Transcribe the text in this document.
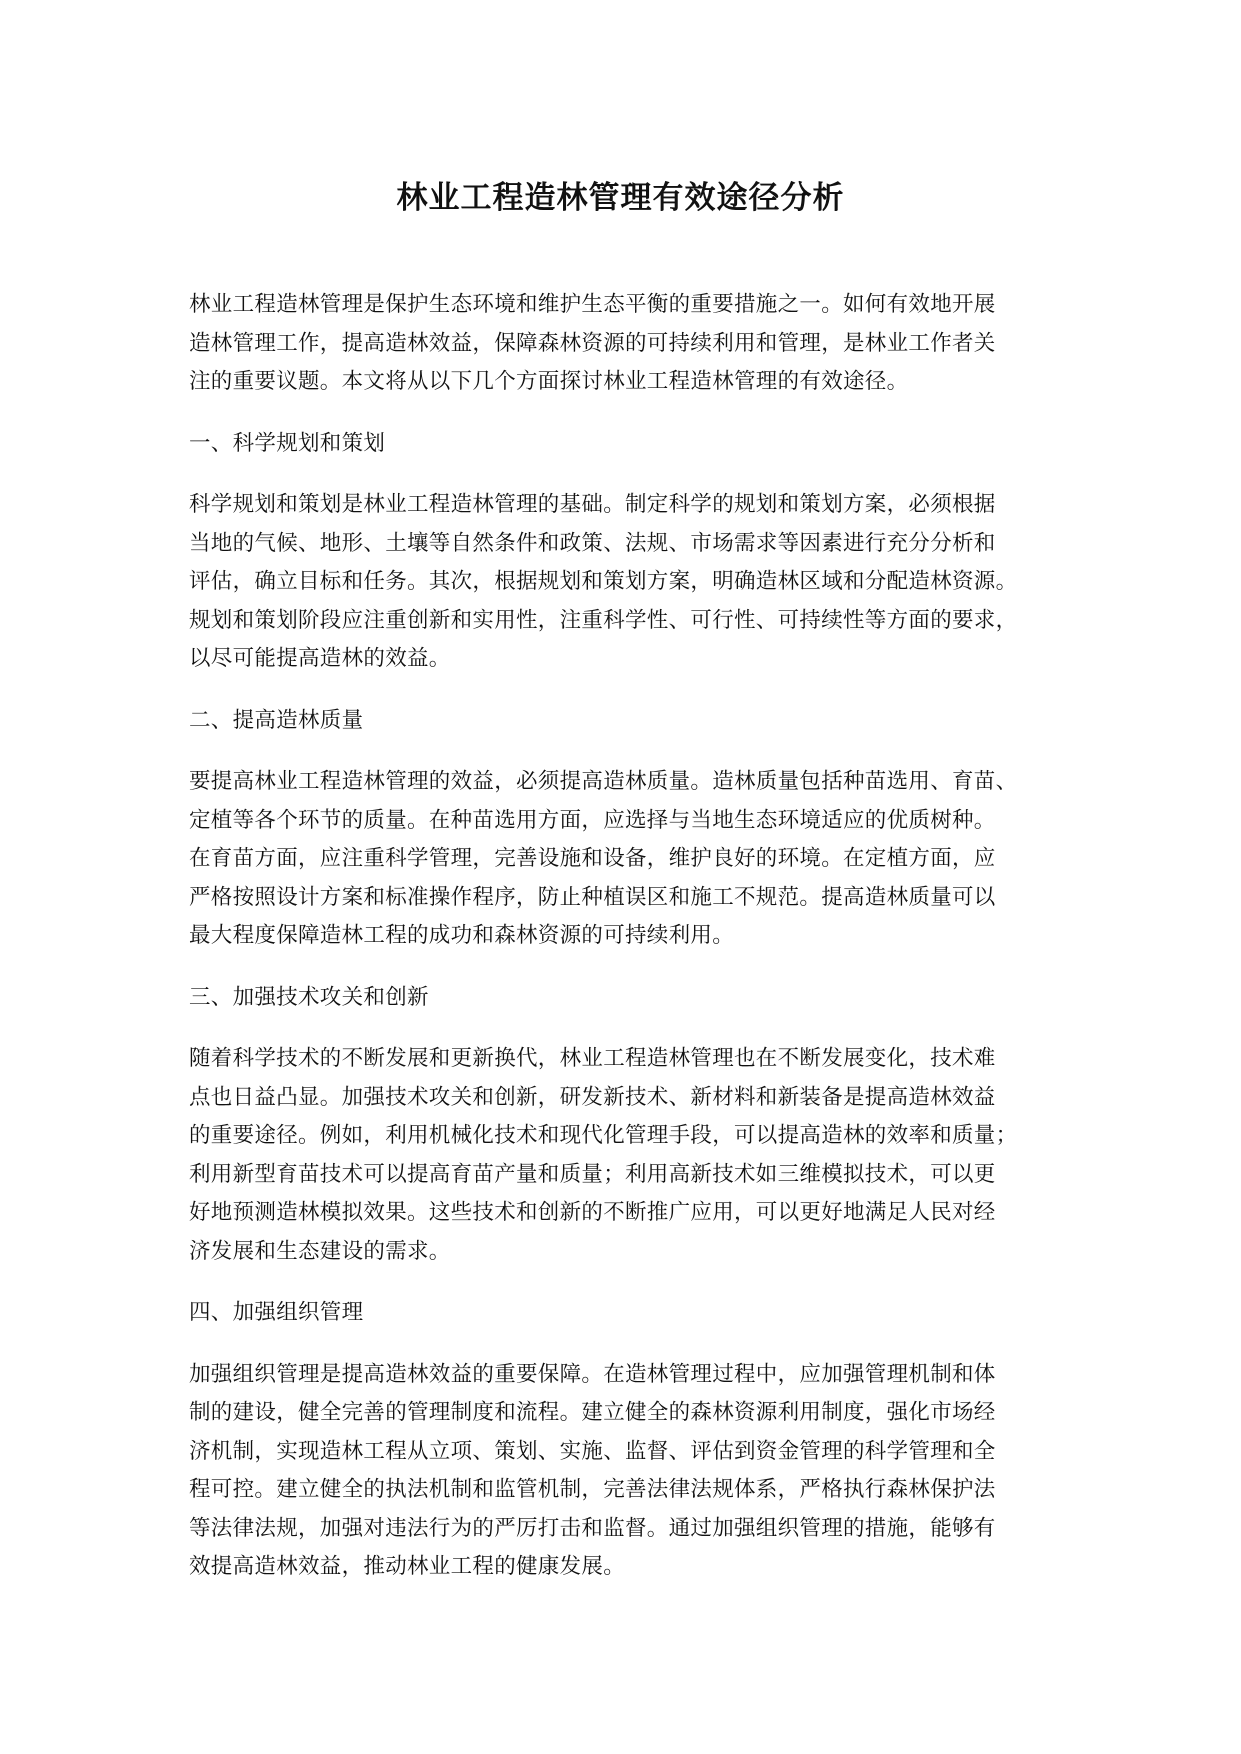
林业工程造林管理有效途径分析

林业工程造林管理是保护生态环境和维护生态平衡的重要措施之一。如何有效地开展
造林管理工作，提高造林效益，保障森林资源的可持续利用和管理，是林业工作者关
注的重要议题。本文将从以下几个方面探讨林业工程造林管理的有效途径。

一、科学规划和策划

科学规划和策划是林业工程造林管理的基础。制定科学的规划和策划方案，必须根据
当地的气候、地形、土壤等自然条件和政策、法规、市场需求等因素进行充分分析和
评估，确立目标和任务。其次，根据规划和策划方案，明确造林区域和分配造林资源。
规划和策划阶段应注重创新和实用性，注重科学性、可行性、可持续性等方面的要求，
以尽可能提高造林的效益。

二、提高造林质量

要提高林业工程造林管理的效益，必须提高造林质量。造林质量包括种苗选用、育苗、
定植等各个环节的质量。在种苗选用方面，应选择与当地生态环境适应的优质树种。
在育苗方面，应注重科学管理，完善设施和设备，维护良好的环境。在定植方面，应
严格按照设计方案和标准操作程序，防止种植误区和施工不规范。提高造林质量可以
最大程度保障造林工程的成功和森林资源的可持续利用。

三、加强技术攻关和创新

随着科学技术的不断发展和更新换代，林业工程造林管理也在不断发展变化，技术难
点也日益凸显。加强技术攻关和创新，研发新技术、新材料和新装备是提高造林效益
的重要途径。例如，利用机械化技术和现代化管理手段，可以提高造林的效率和质量；
利用新型育苗技术可以提高育苗产量和质量；利用高新技术如三维模拟技术，可以更
好地预测造林模拟效果。这些技术和创新的不断推广应用，可以更好地满足人民对经
济发展和生态建设的需求。

四、加强组织管理

加强组织管理是提高造林效益的重要保障。在造林管理过程中，应加强管理机制和体
制的建设，健全完善的管理制度和流程。建立健全的森林资源利用制度，强化市场经
济机制，实现造林工程从立项、策划、实施、监督、评估到资金管理的科学管理和全
程可控。建立健全的执法机制和监管机制，完善法律法规体系，严格执行森林保护法
等法律法规，加强对违法行为的严厉打击和监督。通过加强组织管理的措施，能够有
效提高造林效益，推动林业工程的健康发展。
